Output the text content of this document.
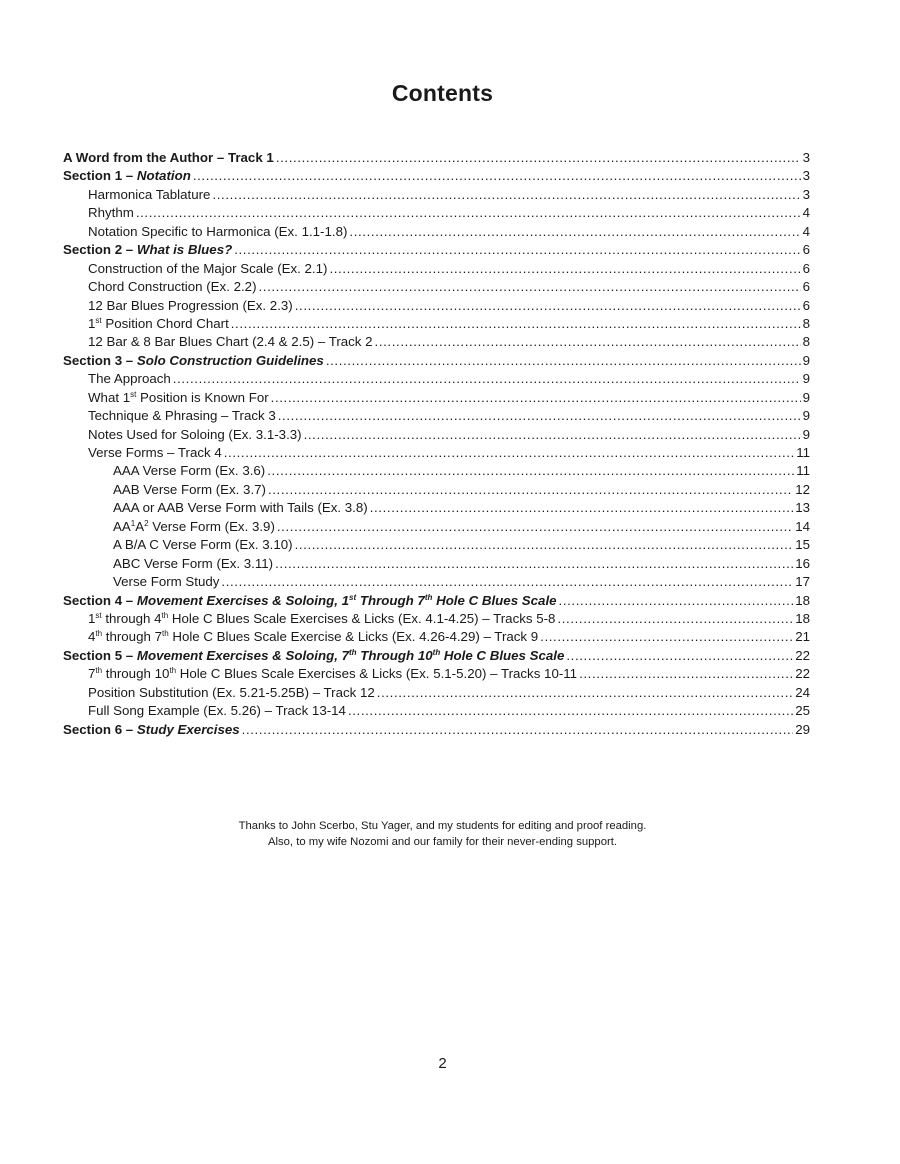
Contents
A Word from the Author – Track 1 .....	3
Section 1 – Notation .....	3
Harmonica Tablature .....	3
Rhythm .....	4
Notation Specific to Harmonica (Ex. 1.1-1.8) .....	4
Section 2 – What is Blues? .....	6
Construction of the Major Scale (Ex. 2.1) .....	6
Chord Construction (Ex. 2.2) .....	6
12 Bar Blues Progression (Ex. 2.3) .....	6
1st Position Chord Chart .....	8
12 Bar & 8 Bar Blues Chart (2.4 & 2.5) – Track 2 .....	8
Section 3 – Solo Construction Guidelines .....	9
The Approach .....	9
What 1st Position is Known For .....	9
Technique & Phrasing – Track 3 .....	9
Notes Used for Soloing (Ex. 3.1-3.3) .....	9
Verse Forms – Track 4 .....	11
AAA Verse Form (Ex. 3.6) .....	11
AAB Verse Form (Ex. 3.7) .....	12
AAA or AAB Verse Form with Tails (Ex. 3.8) .....	13
$AA^1A^2$ Verse Form (Ex. 3.9) .....	14
A B/A C Verse Form (Ex. 3.10) .....	15
ABC Verse Form (Ex. 3.11) .....	16
Verse Form Study .....	17
Section 4 – Movement Exercises & Soloing, 1st Through 7th Hole C Blues Scale .....	18
1st through 4th Hole C Blues Scale Exercises & Licks (Ex. 4.1-4.25) – Tracks 5-8 .....	18
4th through 7th Hole C Blues Scale Exercise & Licks (Ex. 4.26-4.29) – Track 9 .....	21
Section 5 – Movement Exercises & Soloing, 7th Through 10th Hole C Blues Scale .....	22
7th through 10th Hole C Blues Scale Exercises & Licks (Ex. 5.1-5.20) – Tracks 10-11 .....	22
Position Substitution (Ex. 5.21-5.25B) – Track 12 .....	24
Full Song Example (Ex. 5.26) – Track 13-14 .....	25
Section 6 – Study Exercises .....	29
Thanks to John Scerbo, Stu Yager, and my students for editing and proof reading.
Also, to my wife Nozomi and our family for their never-ending support.
2
